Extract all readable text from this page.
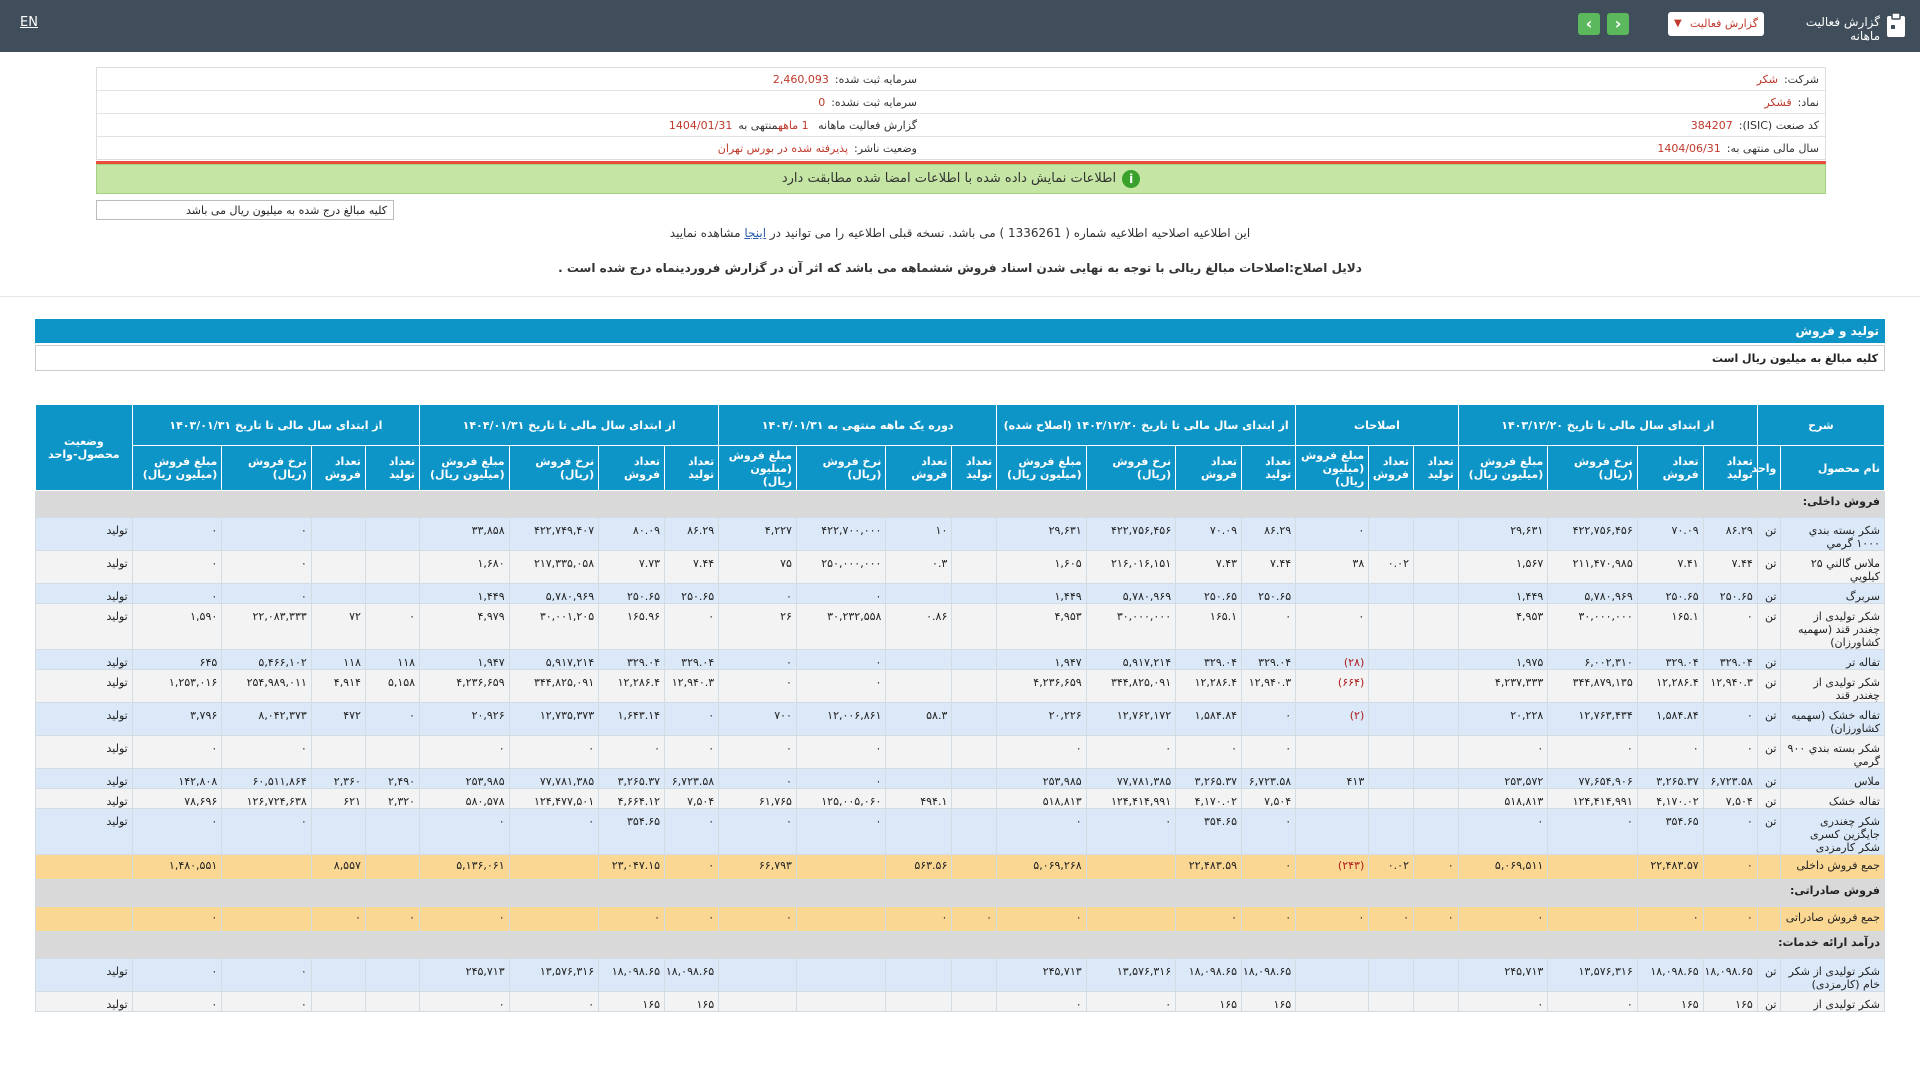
EN	‹	›	گزارش فعالیت
▼	گزارش فعالیت ماهانه
شرکت:شکر
سرمایه ثبت شده:2,460,093
نماد:قشکر
سرمایه ثبت نشده:0
کد صنعت (ISIC):384207
گزارش فعالیت ماهانه 1 ماههمنتهی به1404/01/31
سال مالی منتهی به:1404/06/31
وضعیت ناشر:پذیرفته شده در بورس تهران
iاطلاعات نمایش داده شده با اطلاعات امضا شده مطابقت دارد
کلیه مبالغ درج شده به میلیون ریال می باشد
این اطلاعیه اصلاحیه اطلاعیه شماره ( 1336261 ) می باشد. نسخه قبلی اطلاعیه را می توانید در اینجا مشاهده نمایید
دلایل اصلاح:اصلاحات مبالغ ریالی با توجه به نهایی شدن اسناد فروش ششماهه می باشد که اثر آن در گزارش فروردینماه درج شده است .
تولید و فروش
کلیه مبالغ به میلیون ریال است
شرح		از ابتدای سال مالی تا تاریخ ۱۴۰۳/۱۲/۲۰				اصلاحات			از ابتدای سال مالی تا تاریخ ۱۴۰۳/۱۲/۲۰ (اصلاح شده)				دوره یک ماهه منتهی به ۱۴۰۴/۰۱/۳۱				از ابتدای سال مالی تا تاریخ ۱۴۰۴/۰۱/۳۱				از ابتدای سال مالی تا تاریخ ۱۴۰۳/۰۱/۳۱				وضعیت محصول-واحد
نام محصول	واحد	تعداد تولید	تعداد فروش	نرخ فروش (ریال)	مبلغ فروش (میلیون ریال)	تعداد تولید	تعداد فروش	مبلغ فروش (میلیون ریال)	تعداد تولید	تعداد فروش	نرخ فروش (ریال)	مبلغ فروش (میلیون ریال)	تعداد تولید	تعداد فروش	نرخ فروش (ریال)	مبلغ فروش (میلیون ریال)	تعداد تولید	تعداد فروش	نرخ فروش (ریال)	مبلغ فروش (میلیون ریال)	تعداد تولید	تعداد فروش	نرخ فروش (ریال)	مبلغ فروش (میلیون ریال)	
فروش داخلی:																									
شکر بسته بندي ۱۰۰۰ گرمي	تن	۸۶.۲۹	۷۰.۰۹	۴۲۲,۷۵۶,۴۵۶	۲۹,۶۳۱			۰	۸۶.۲۹	۷۰.۰۹	۴۲۲,۷۵۶,۴۵۶	۲۹,۶۳۱		۱۰	۴۲۲,۷۰۰,۰۰۰	۴,۲۲۷	۸۶.۲۹	۸۰.۰۹	۴۲۲,۷۴۹,۴۰۷	۳۳,۸۵۸			۰	۰	تولید
ملاس گالني ۲۵ كيلويي	تن	۷.۴۴	۷.۴۱	۲۱۱,۴۷۰,۹۸۵	۱,۵۶۷		۰.۰۲	۳۸	۷.۴۴	۷.۴۳	۲۱۶,۰۱۶,۱۵۱	۱,۶۰۵		۰.۳	۲۵۰,۰۰۰,۰۰۰	۷۵	۷.۴۴	۷.۷۳	۲۱۷,۳۳۵,۰۵۸	۱,۶۸۰			۰	۰	تولید
سربرگ	تن	۲۵۰.۶۵	۲۵۰.۶۵	۵,۷۸۰,۹۶۹	۱,۴۴۹				۲۵۰.۶۵	۲۵۰.۶۵	۵,۷۸۰,۹۶۹	۱,۴۴۹			۰	۰	۲۵۰.۶۵	۲۵۰.۶۵	۵,۷۸۰,۹۶۹	۱,۴۴۹			۰	۰	تولید
شکر تولیدی از چغندر قند (سهمیه کشاورزان)	تن	۰	۱۶۵.۱	۳۰,۰۰۰,۰۰۰	۴,۹۵۳			۰	۰	۱۶۵.۱	۳۰,۰۰۰,۰۰۰	۴,۹۵۳		۰.۸۶	۳۰,۲۳۲,۵۵۸	۲۶	۰	۱۶۵.۹۶	۳۰,۰۰۱,۲۰۵	۴,۹۷۹	۰	۷۲	۲۲,۰۸۳,۳۳۳	۱,۵۹۰	تولید
تفاله تر	تن	۳۲۹.۰۴	۳۲۹.۰۴	۶,۰۰۲,۳۱۰	۱,۹۷۵			(۲۸)	۳۲۹.۰۴	۳۲۹.۰۴	۵,۹۱۷,۲۱۴	۱,۹۴۷			۰	۰	۳۲۹.۰۴	۳۲۹.۰۴	۵,۹۱۷,۲۱۴	۱,۹۴۷	۱۱۸	۱۱۸	۵,۴۶۶,۱۰۲	۶۴۵	تولید
شکر تولیدی از چغندر قند	تن	۱۲,۹۴۰.۳	۱۲,۲۸۶.۴	۳۴۴,۸۷۹,۱۳۵	۴,۲۳۷,۳۳۳			(۶۶۴)	۱۲,۹۴۰.۳	۱۲,۲۸۶.۴	۳۴۴,۸۲۵,۰۹۱	۴,۲۳۶,۶۵۹			۰	۰	۱۲,۹۴۰.۳	۱۲,۲۸۶.۴	۳۴۴,۸۲۵,۰۹۱	۴,۲۳۶,۶۵۹	۵,۱۵۸	۴,۹۱۴	۲۵۴,۹۸۹,۰۱۱	۱,۲۵۳,۰۱۶	تولید
تفاله خشک (سهمیه کشاورزان)	تن	۰	۱,۵۸۴.۸۴	۱۲,۷۶۳,۴۳۴	۲۰,۲۲۸			(۲)	۰	۱,۵۸۴.۸۴	۱۲,۷۶۲,۱۷۲	۲۰,۲۲۶		۵۸.۳	۱۲,۰۰۶,۸۶۱	۷۰۰	۰	۱,۶۴۳.۱۴	۱۲,۷۳۵,۳۷۳	۲۰,۹۲۶	۰	۴۷۲	۸,۰۴۲,۳۷۳	۳,۷۹۶	تولید
شکر بسته بندي ۹۰۰ گرمي	تن	۰	۰	۰	۰				۰	۰	۰	۰			۰	۰	۰	۰	۰	۰			۰	۰	تولید
ملاس	تن	۶,۷۲۳.۵۸	۳,۲۶۵.۳۷	۷۷,۶۵۴,۹۰۶	۲۵۳,۵۷۲			۴۱۳	۶,۷۲۳.۵۸	۳,۲۶۵.۳۷	۷۷,۷۸۱,۳۸۵	۲۵۳,۹۸۵			۰	۰	۶,۷۲۳.۵۸	۳,۲۶۵.۳۷	۷۷,۷۸۱,۳۸۵	۲۵۳,۹۸۵	۲,۴۹۰	۲,۳۶۰	۶۰,۵۱۱,۸۶۴	۱۴۲,۸۰۸	تولید
تفاله خشک	تن	۷,۵۰۴	۴,۱۷۰.۰۲	۱۲۴,۴۱۴,۹۹۱	۵۱۸,۸۱۳				۷,۵۰۴	۴,۱۷۰.۰۲	۱۲۴,۴۱۴,۹۹۱	۵۱۸,۸۱۳		۴۹۴.۱	۱۲۵,۰۰۵,۰۶۰	۶۱,۷۶۵	۷,۵۰۴	۴,۶۶۴.۱۲	۱۲۴,۴۷۷,۵۰۱	۵۸۰,۵۷۸	۲,۳۲۰	۶۲۱	۱۲۶,۷۲۴,۶۳۸	۷۸,۶۹۶	تولید
شکر چغندری جایگزین کسری شکر کارمزدی	تن	۰	۳۵۴.۶۵	۰	۰				۰	۳۵۴.۶۵	۰	۰			۰	۰	۰	۳۵۴.۶۵	۰	۰			۰	۰	تولید
جمع فروش داخلی		۰	۲۲,۴۸۳.۵۷		۵,۰۶۹,۵۱۱	۰	۰.۰۲	(۲۴۳)	۰	۲۲,۴۸۳.۵۹		۵,۰۶۹,۲۶۸		۵۶۳.۵۶		۶۶,۷۹۳	۰	۲۳,۰۴۷.۱۵		۵,۱۳۶,۰۶۱		۸,۵۵۷		۱,۴۸۰,۵۵۱	
فروش صادراتی:																									
جمع فروش صادراتی		۰	۰		۰	۰	۰	۰	۰	۰		۰	۰	۰		۰	۰	۰		۰	۰	۰		۰	
درآمد ارائه خدمات:																									
شکر تولیدی از شکر خام (کارمزدی)	تن	۱۸,۰۹۸.۶۵	۱۸,۰۹۸.۶۵	۱۳,۵۷۶,۳۱۶	۲۴۵,۷۱۳				۱۸,۰۹۸.۶۵	۱۸,۰۹۸.۶۵	۱۳,۵۷۶,۳۱۶	۲۴۵,۷۱۳					۱۸,۰۹۸.۶۵	۱۸,۰۹۸.۶۵	۱۳,۵۷۶,۳۱۶	۲۴۵,۷۱۳			۰	۰	تولید
شکر تولیدی از	تن	۱۶۵	۱۶۵	۰	۰				۱۶۵	۱۶۵	۰	۰					۱۶۵	۱۶۵	۰	۰			۰	۰	تولید
